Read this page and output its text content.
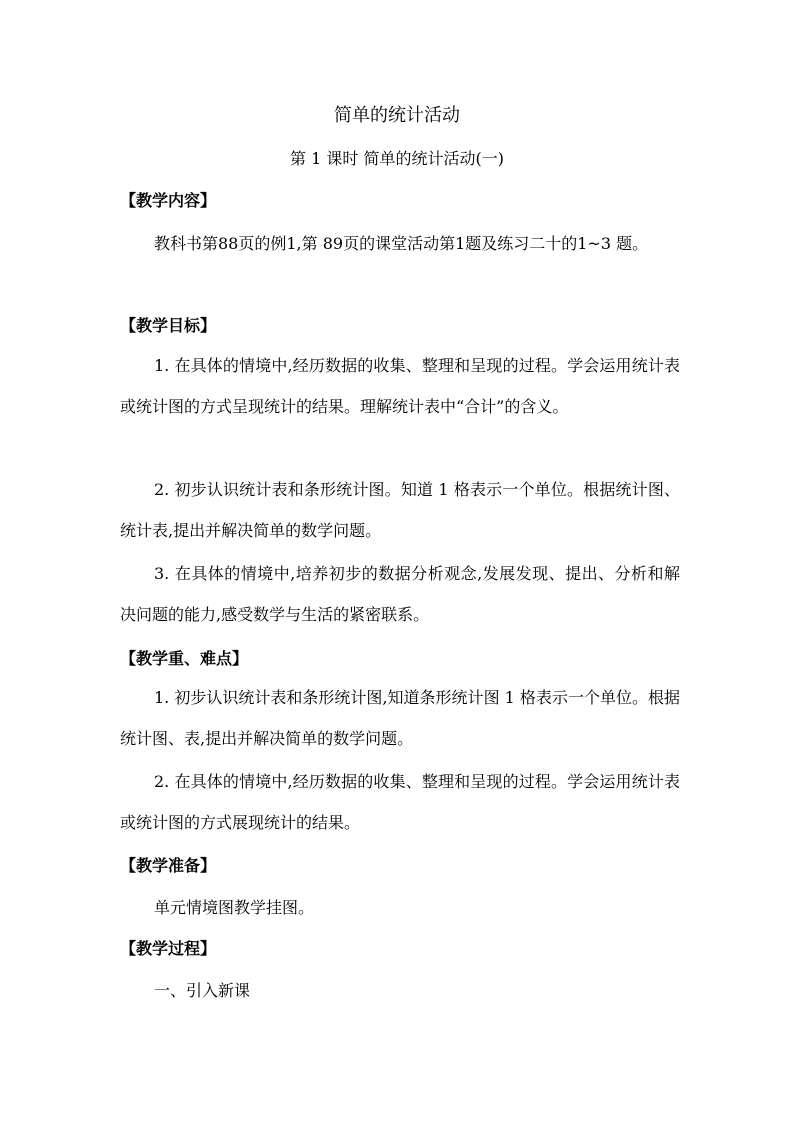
简单的统计活动
第 1 课时 简单的统计活动(一)
【教学内容】
教科书第88页的例1,第 89页的课堂活动第1题及练习二十的1~3 题。
【教学目标】
1. 在具体的情境中,经历数据的收集、整理和呈现的过程。学会运用统计表或统计图的方式呈现统计的结果。理解统计表中“合计”的含义。
2. 初步认识统计表和条形统计图。知道 1 格表示一个单位。根据统计图、统计表,提出并解决简单的数学问题。
3. 在具体的情境中,培养初步的数据分析观念,发展发现、提出、分析和解决问题的能力,感受数学与生活的紧密联系。
【教学重、难点】
1. 初步认识统计表和条形统计图,知道条形统计图 1 格表示一个单位。根据统计图、表,提出并解决简单的数学问题。
2. 在具体的情境中,经历数据的收集、整理和呈现的过程。学会运用统计表或统计图的方式展现统计的结果。
【教学准备】
单元情境图教学挂图。
【教学过程】
一、引入新课
